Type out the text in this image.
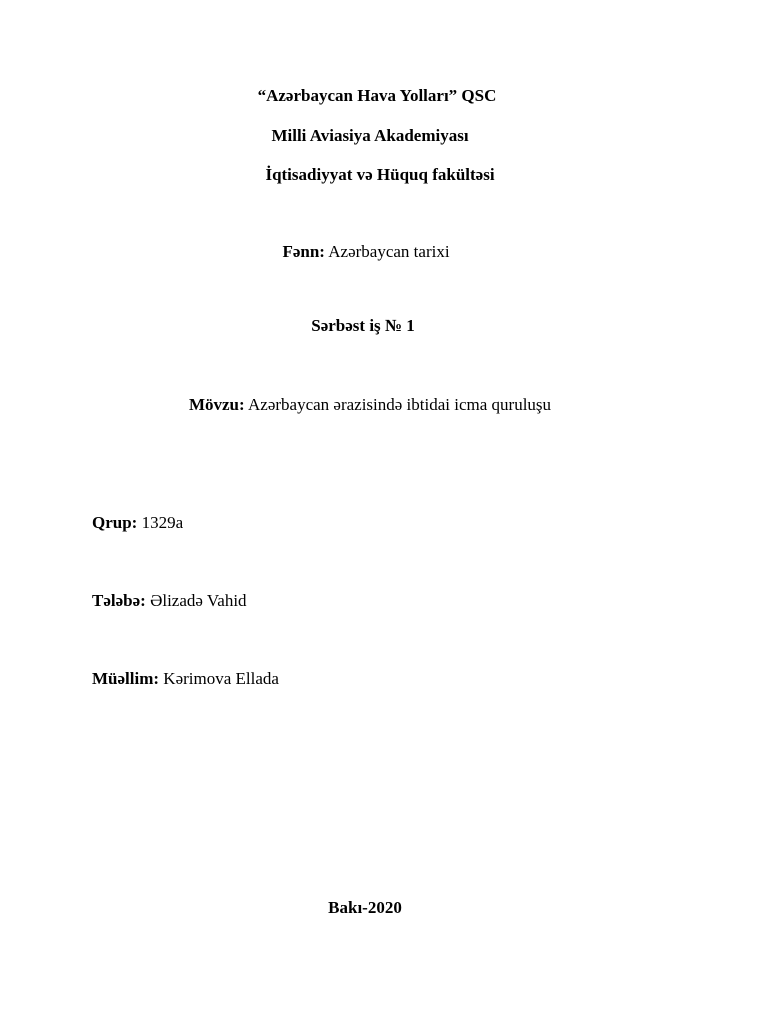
“Azərbaycan Hava Yolları” QSC
Milli Aviasiya Akademiyası
İqtisadiyyat və Hüquq fakültəsi
Fənn: Azərbaycan tarixi
Sərbəst iş № 1
Mövzu: Azərbaycan ərazisində ibtidai icma quruluşu
Qrup: 1329a
Tələbə: Əlizadə Vahid
Müəllim: Kərimova Ellada
Bakı-2020
